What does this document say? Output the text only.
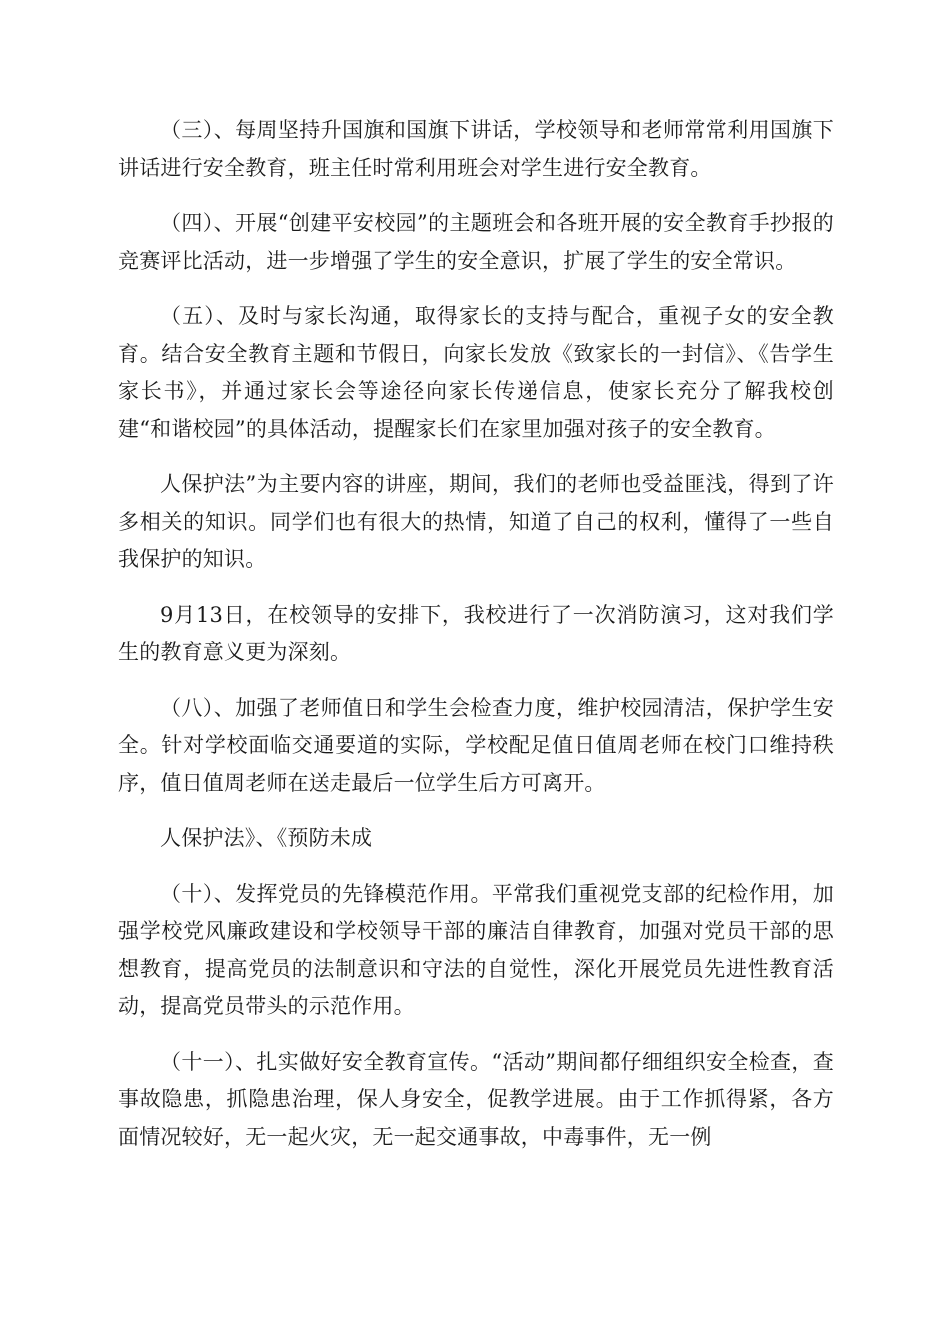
（三）、每周坚持升国旗和国旗下讲话，学校领导和老师常常利用国旗下讲话进行安全教育，班主任时常利用班会对学生进行安全教育。

（四）、开展“创建平安校园”的主题班会和各班开展的安全教育手抄报的竞赛评比活动，进一步增强了学生的安全意识，扩展了学生的安全常识。

（五）、及时与家长沟通，取得家长的支持与配合，重视子女的安全教育。结合安全教育主题和节假日，向家长发放《致家长的一封信》、《告学生家长书》，并通过家长会等途径向家长传递信息，使家长充分了解我校创建“和谐校园”的具体活动，提醒家长们在家里加强对孩子的安全教育。

人保护法”为主要内容的讲座，期间，我们的老师也受益匪浅，得到了许多相关的知识。同学们也有很大的热情，知道了自己的权利，懂得了一些自我保护的知识。

9月13日，在校领导的安排下，我校进行了一次消防演习，这对我们学生的教育意义更为深刻。

（八）、加强了老师值日和学生会检查力度，维护校园清洁，保护学生安全。针对学校面临交通要道的实际，学校配足值日值周老师在校门口维持秩序，值日值周老师在送走最后一位学生后方可离开。

人保护法》、《预防未成

（十）、发挥党员的先锋模范作用。平常我们重视党支部的纪检作用，加强学校党风廉政建设和学校领导干部的廉洁自律教育，加强对党员干部的思想教育，提高党员的法制意识和守法的自觉性，深化开展党员先进性教育活动，提高党员带头的示范作用。

（十一）、扎实做好安全教育宣传。“活动”期间都仔细组织安全检查，查事故隐患，抓隐患治理，保人身安全，促教学进展。由于工作抓得紧，各方面情况较好，无一起火灾，无一起交通事故，中毒事件，无一例
